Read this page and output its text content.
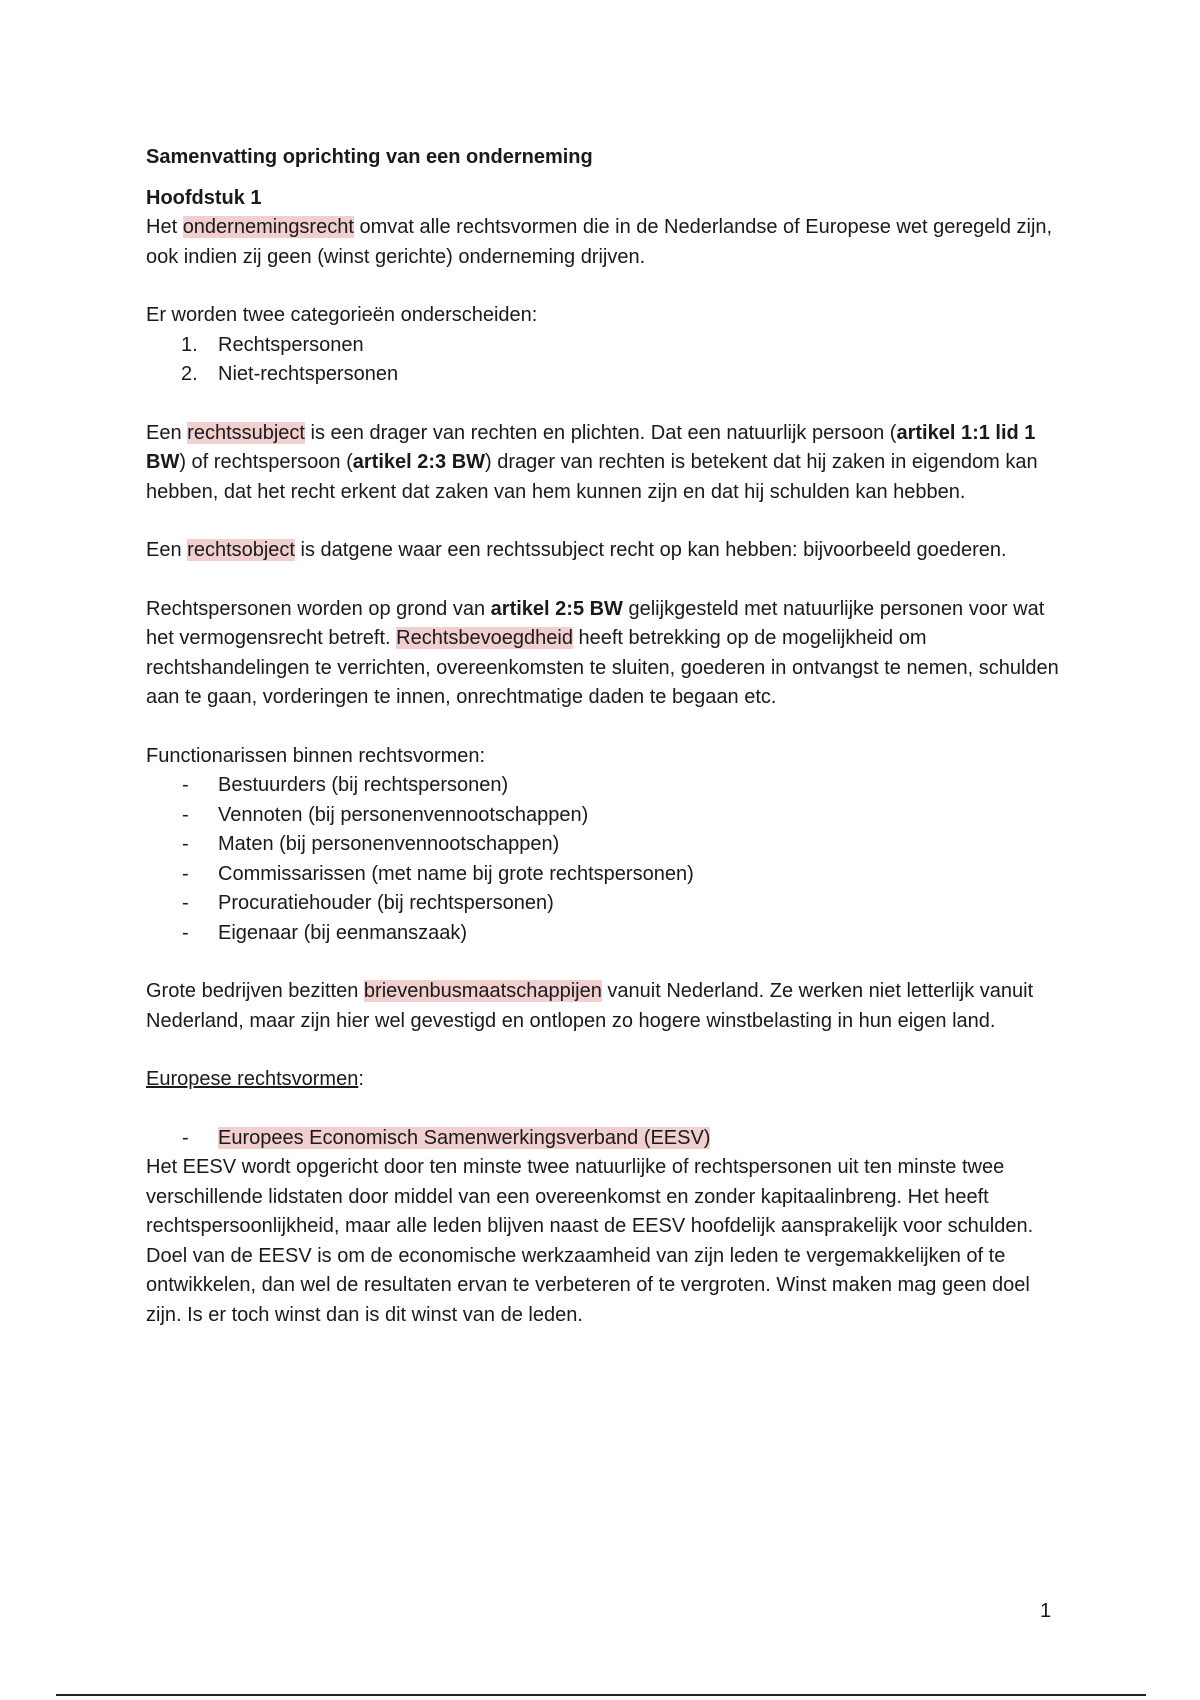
Samenvatting oprichting van een onderneming

Hoofdstuk 1

Het ondernemingsrecht omvat alle rechtsvormen die in de Nederlandse of Europese wet geregeld zijn, ook indien zij geen (winst gerichte) onderneming drijven.

Er worden twee categorieën onderscheiden:

1. Rechtspersonen
2. Niet-rechtspersonen

Een rechtssubject is een drager van rechten en plichten. Dat een natuurlijk persoon (artikel 1:1 lid 1 BW) of rechtspersoon (artikel 2:3 BW) drager van rechten is betekent dat hij zaken in eigendom kan hebben, dat het recht erkent dat zaken van hem kunnen zijn en dat hij schulden kan hebben.

Een rechtsobject is datgene waar een rechtssubject recht op kan hebben: bijvoorbeeld goederen.

Rechtspersonen worden op grond van artikel 2:5 BW gelijkgesteld met natuurlijke personen voor wat het vermogensrecht betreft. Rechtsbevoegdheid heeft betrekking op de mogelijkheid om rechtshandelingen te verrichten, overeenkomsten te sluiten, goederen in ontvangst te nemen, schulden aan te gaan, vorderingen te innen, onrechtmatige daden te begaan etc.

Functionarissen binnen rechtsvormen:

- Bestuurders (bij rechtspersonen)
- Vennoten (bij personenvennootschappen)
- Maten (bij personenvennootschappen)
- Commissarissen (met name bij grote rechtspersonen)
- Procuratiehouder (bij rechtspersonen)
- Eigenaar (bij eenmanszaak)

Grote bedrijven bezitten brievenbusmaatschappijen vanuit Nederland. Ze werken niet letterlijk vanuit Nederland, maar zijn hier wel gevestigd en ontlopen zo hogere winstbelasting in hun eigen land.

Europese rechtsvormen:

- Europees Economisch Samenwerkingsverband (EESV)

Het EESV wordt opgericht door ten minste twee natuurlijke of rechtspersonen uit ten minste twee verschillende lidstaten door middel van een overeenkomst en zonder kapitaalinbreng. Het heeft rechtspersoonlijkheid, maar alle leden blijven naast de EESV hoofdelijk aansprakelijk voor schulden. Doel van de EESV is om de economische werkzaamheid van zijn leden te vergemakkelijken of te ontwikkelen, dan wel de resultaten ervan te verbeteren of te vergroten. Winst maken mag geen doel zijn. Is er toch winst dan is dit winst van de leden.

1
